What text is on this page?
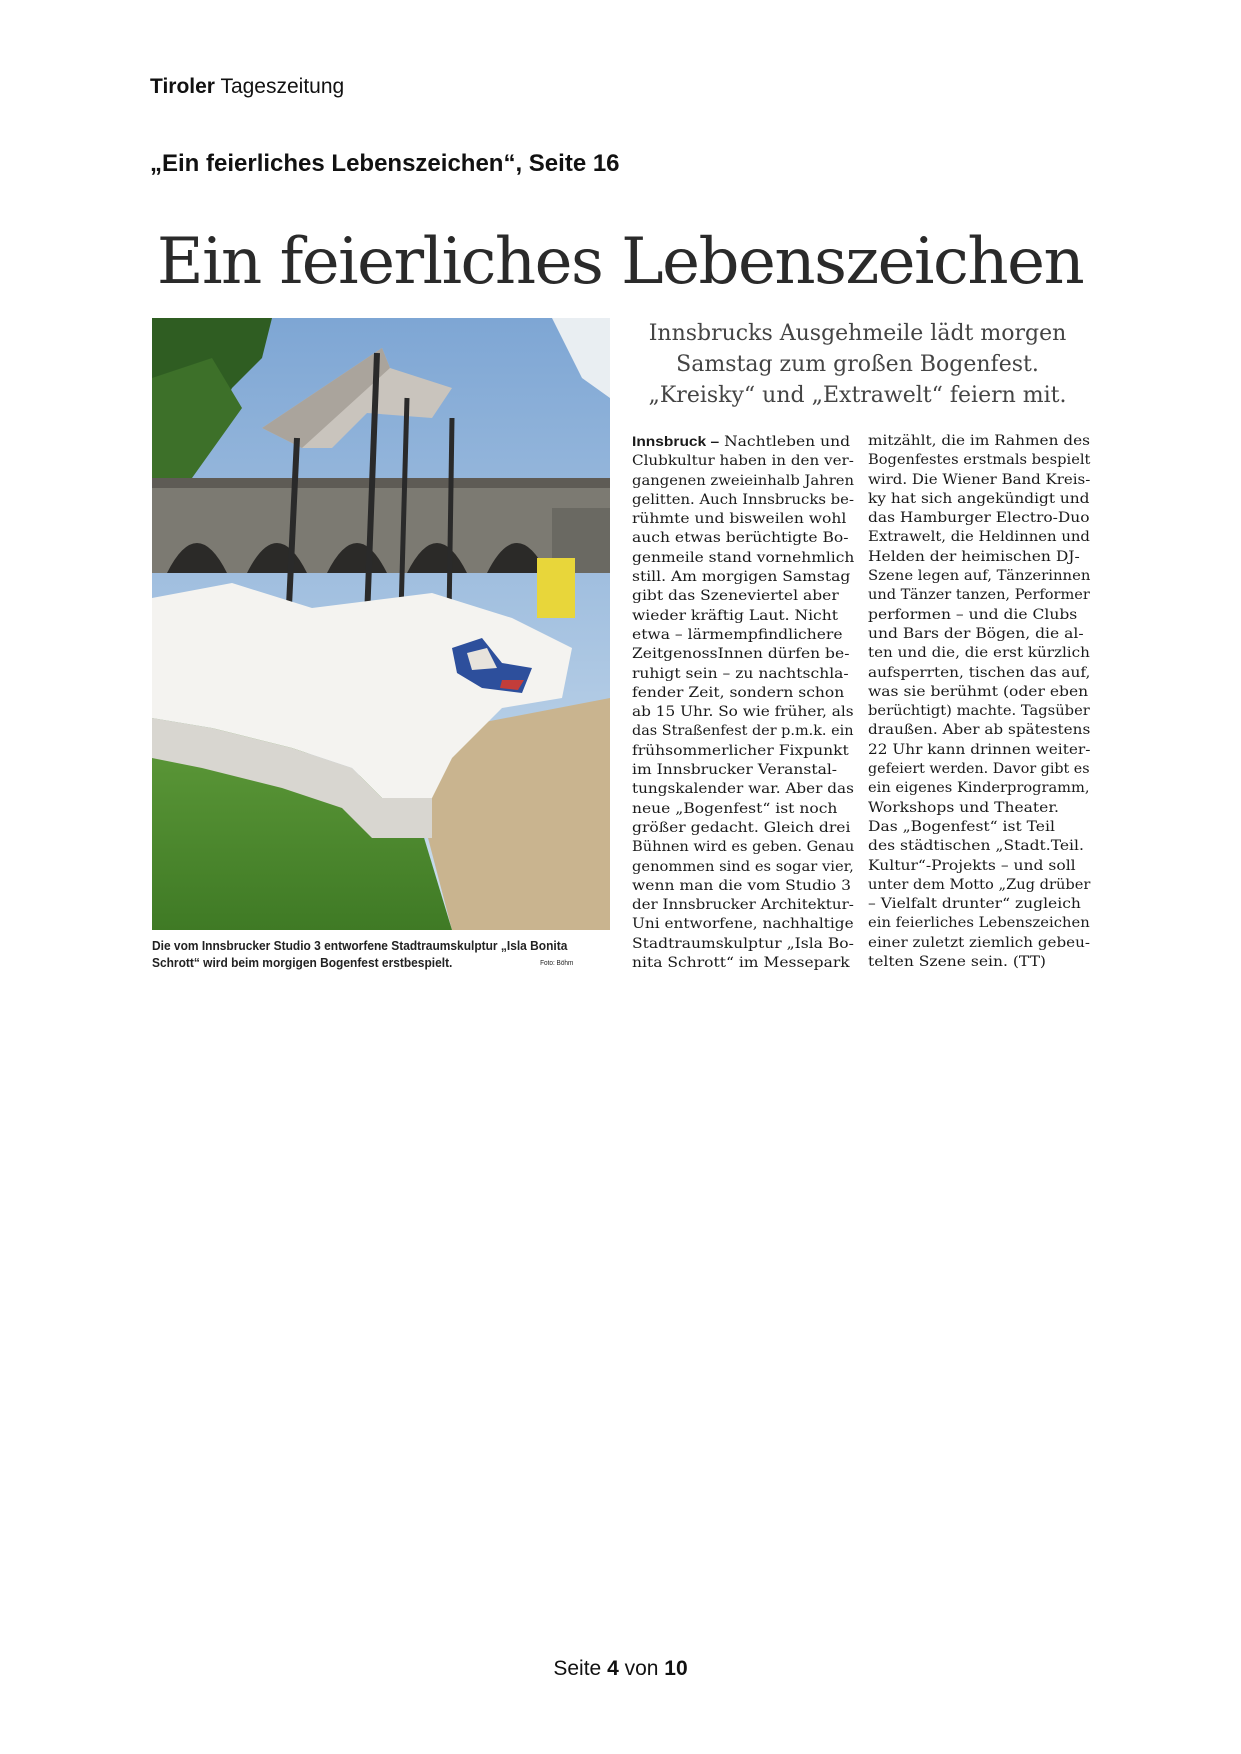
Tiroler Tageszeitung
„Ein feierliches Lebenszeichen“, Seite 16
Ein feierliches Lebenszeichen
Die vom Innsbrucker Studio 3 entworfene Stadtraumskulptur „Isla Bonita Schrott“ wird beim morgigen Bogenfest erstbespielt.	Foto: Böhm
Innsbrucks Ausgehmeile lädt morgen
Samstag zum großen Bogenfest.
„Kreisky“ und „Extrawelt“ feiern mit.
Innsbruck – Nachtleben und
Clubkultur haben in den ver-
gangenen zweieinhalb Jahren
gelitten. Auch Innsbrucks be-
rühmte und bisweilen wohl
auch etwas berüchtigte Bo-
genmeile stand vornehmlich
still. Am morgigen Samstag
gibt das Szeneviertel aber
wieder kräftig Laut. Nicht
etwa – lärmempfindlichere
ZeitgenossInnen dürfen be-
ruhigt sein – zu nachtschla-
fender Zeit, sondern schon
ab 15 Uhr. So wie früher, als
das Straßenfest der p.m.k. ein
frühsommerlicher Fixpunkt
im Innsbrucker Veranstal-
tungskalender war. Aber das
neue „Bogenfest“ ist noch
größer gedacht. Gleich drei
Bühnen wird es geben. Genau
genommen sind es sogar vier,
wenn man die vom Studio 3
der Innsbrucker Architektur-
Uni entworfene, nachhaltige
Stadtraumskulptur „Isla Bo-
nita Schrott“ im Messepark
mitzählt, die im Rahmen des
Bogenfestes erstmals bespielt
wird. Die Wiener Band Kreis-
ky hat sich angekündigt und
das Hamburger Electro-Duo
Extrawelt, die Heldinnen und
Helden der heimischen DJ-
Szene legen auf, Tänzerinnen
und Tänzer tanzen, Performer
performen – und die Clubs
und Bars der Bögen, die al-
ten und die, die erst kürzlich
aufsperrten, tischen das auf,
was sie berühmt (oder eben
berüchtigt) machte. Tagsüber
draußen. Aber ab spätestens
22 Uhr kann drinnen weiter-
gefeiert werden. Davor gibt es
ein eigenes Kinderprogramm,
Workshops und Theater.
Das „Bogenfest“ ist Teil
des städtischen „Stadt.Teil.
Kultur“-Projekts – und soll
unter dem Motto „Zug drüber
– Vielfalt drunter“ zugleich
ein feierliches Lebenszeichen
einer zuletzt ziemlich gebeu-
telten Szene sein. (TT)
Seite 4 von 10
